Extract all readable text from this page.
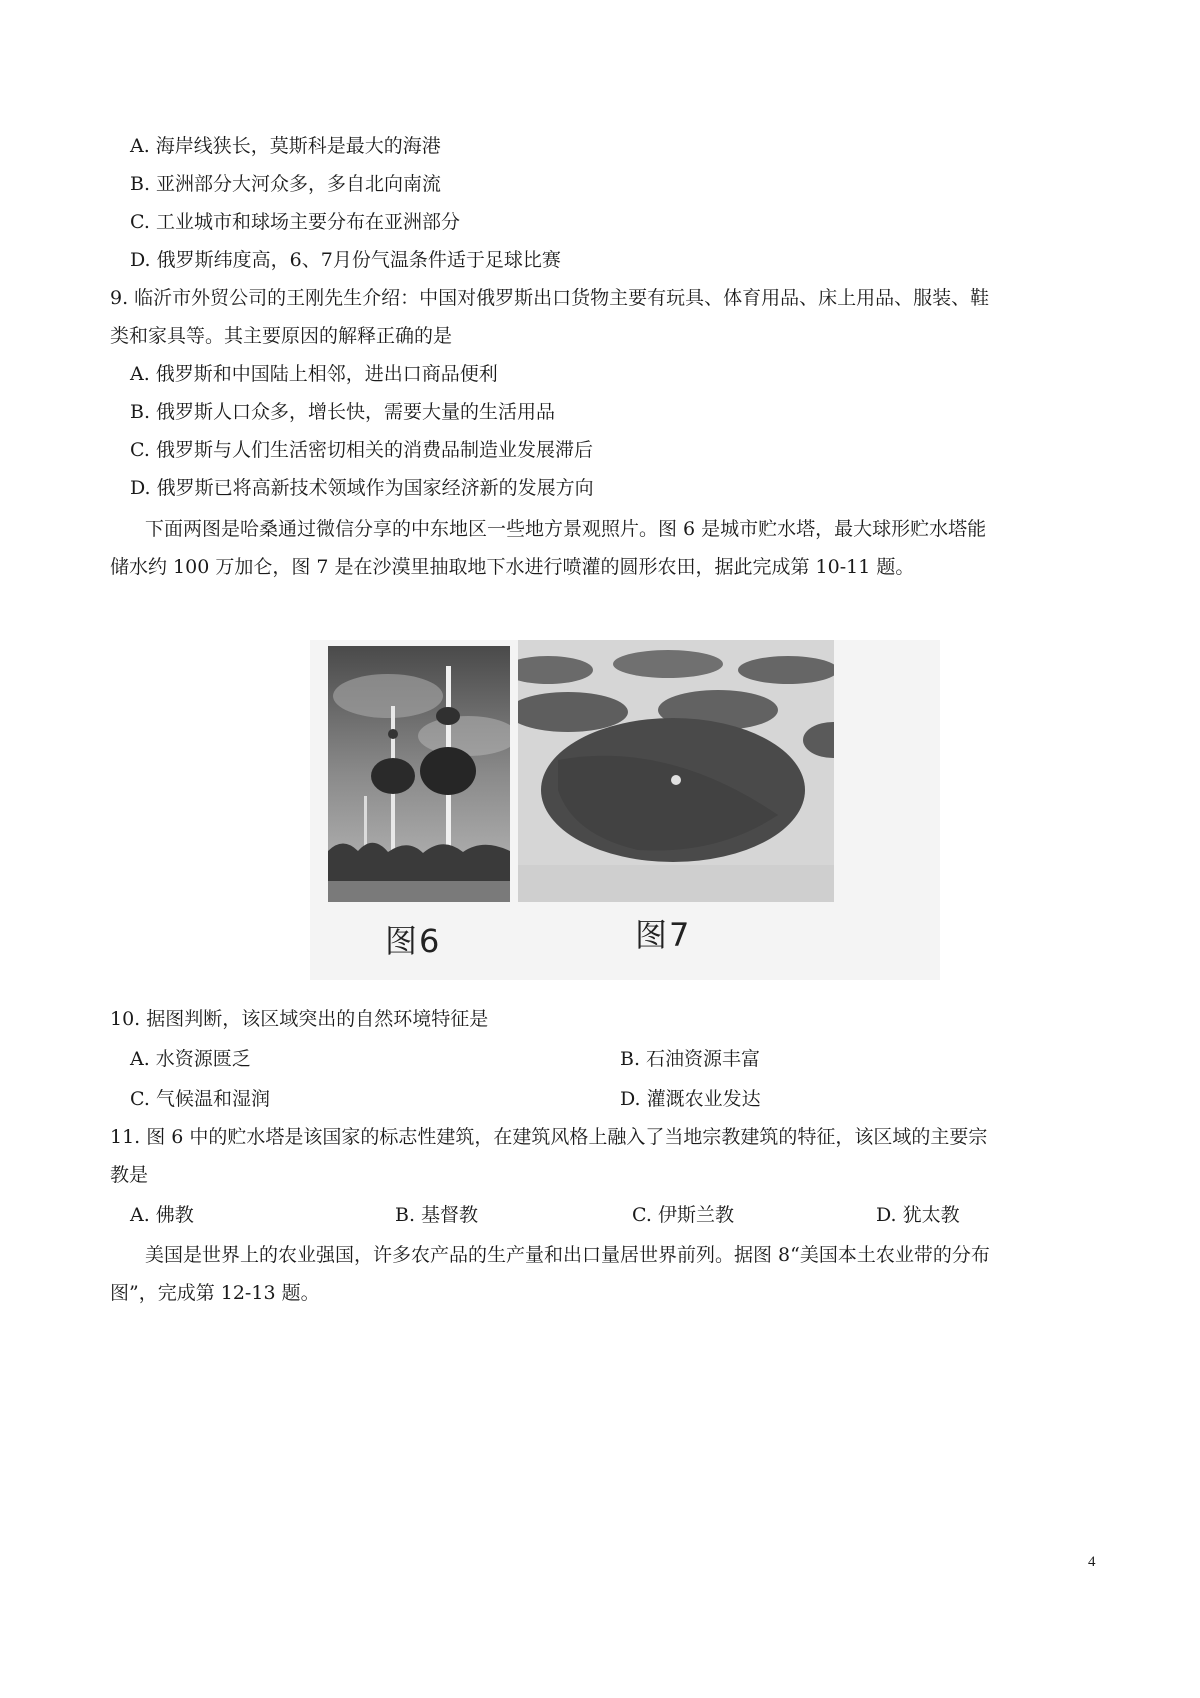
A. 海岸线狭长，莫斯科是最大的海港
B. 亚洲部分大河众多，多自北向南流
C. 工业城市和球场主要分布在亚洲部分
D. 俄罗斯纬度高，6、7月份气温条件适于足球比赛
9. 临沂市外贸公司的王刚先生介绍：中国对俄罗斯出口货物主要有玩具、体育用品、床上用品、服装、鞋
类和家具等。其主要原因的解释正确的是
A. 俄罗斯和中国陆上相邻，进出口商品便利
B. 俄罗斯人口众多，增长快，需要大量的生活用品
C. 俄罗斯与人们生活密切相关的消费品制造业发展滞后
D. 俄罗斯已将高新技术领域作为国家经济新的发展方向
下面两图是哈桑通过微信分享的中东地区一些地方景观照片。图 6 是城市贮水塔，最大球形贮水塔能
储水约 100 万加仑，图 7 是在沙漠里抽取地下水进行喷灌的圆形农田，据此完成第 10-11 题。
图6	图7
10. 据图判断，该区域突出的自然环境特征是
A. 水资源匮乏	B. 石油资源丰富
C. 气候温和湿润	D. 灌溉农业发达
11. 图 6 中的贮水塔是该国家的标志性建筑，在建筑风格上融入了当地宗教建筑的特征，该区域的主要宗
教是
A. 佛教	B. 基督教	C. 伊斯兰教	D. 犹太教
美国是世界上的农业强国，许多农产品的生产量和出口量居世界前列。据图 8“美国本土农业带的分布
图”，完成第 12-13 题。
4
